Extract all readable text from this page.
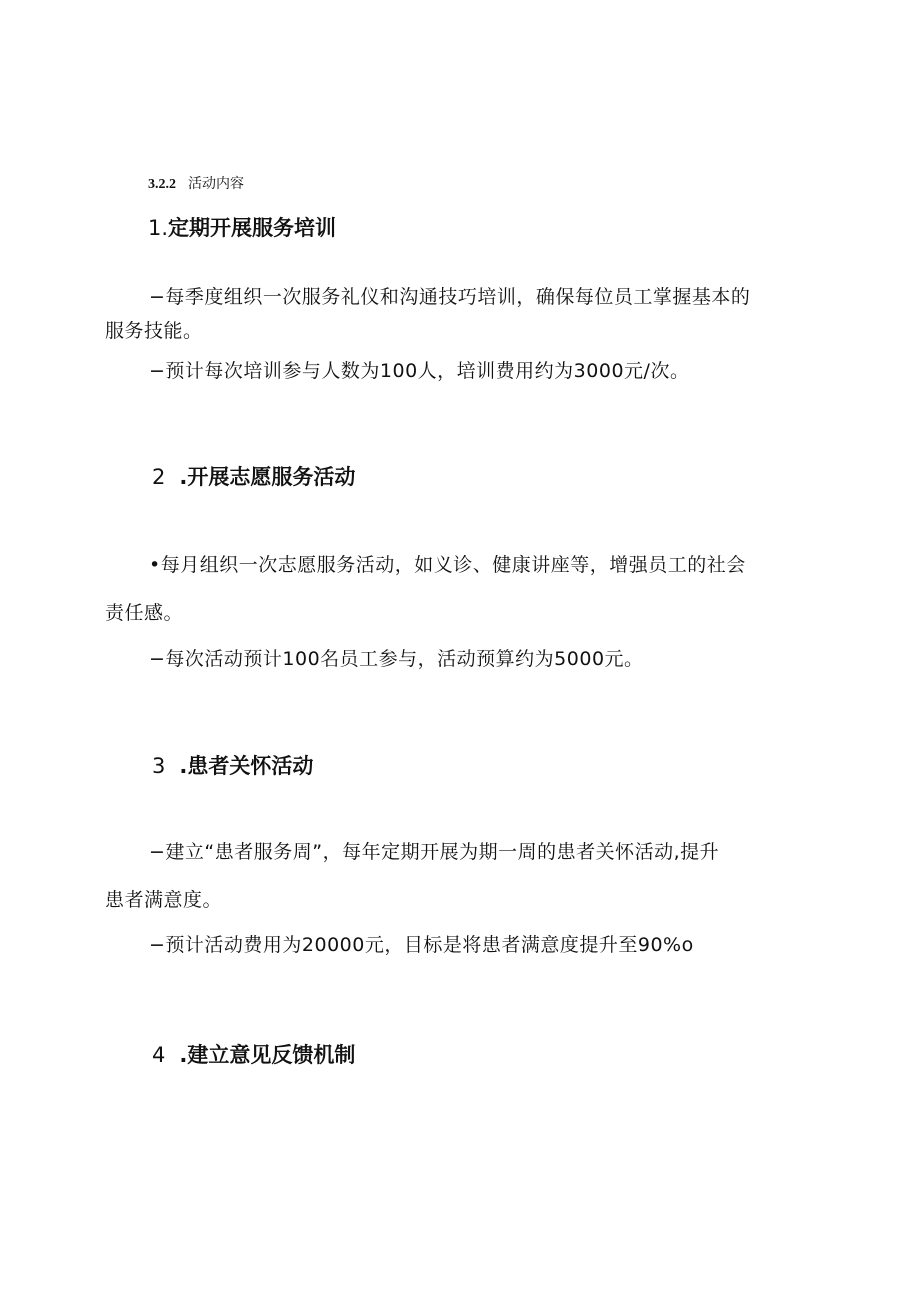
3.2.2 活动内容
1.定期开展服务培训
−每季度组织一次服务礼仪和沟通技巧培训，确保每位员工掌握基本的
服务技能。
−预计每次培训参与人数为100人，培训费用约为3000元/次。
2 .开展志愿服务活动
•每月组织一次志愿服务活动，如义诊、健康讲座等，增强员工的社会
责任感。
−每次活动预计100名员工参与，活动预算约为5000元。
3 .患者关怀活动
−建立“患者服务周”，每年定期开展为期一周的患者关怀活动,提升
患者满意度。
−预计活动费用为20000元，目标是将患者满意度提升至90%o
4 .建立意见反馈机制
